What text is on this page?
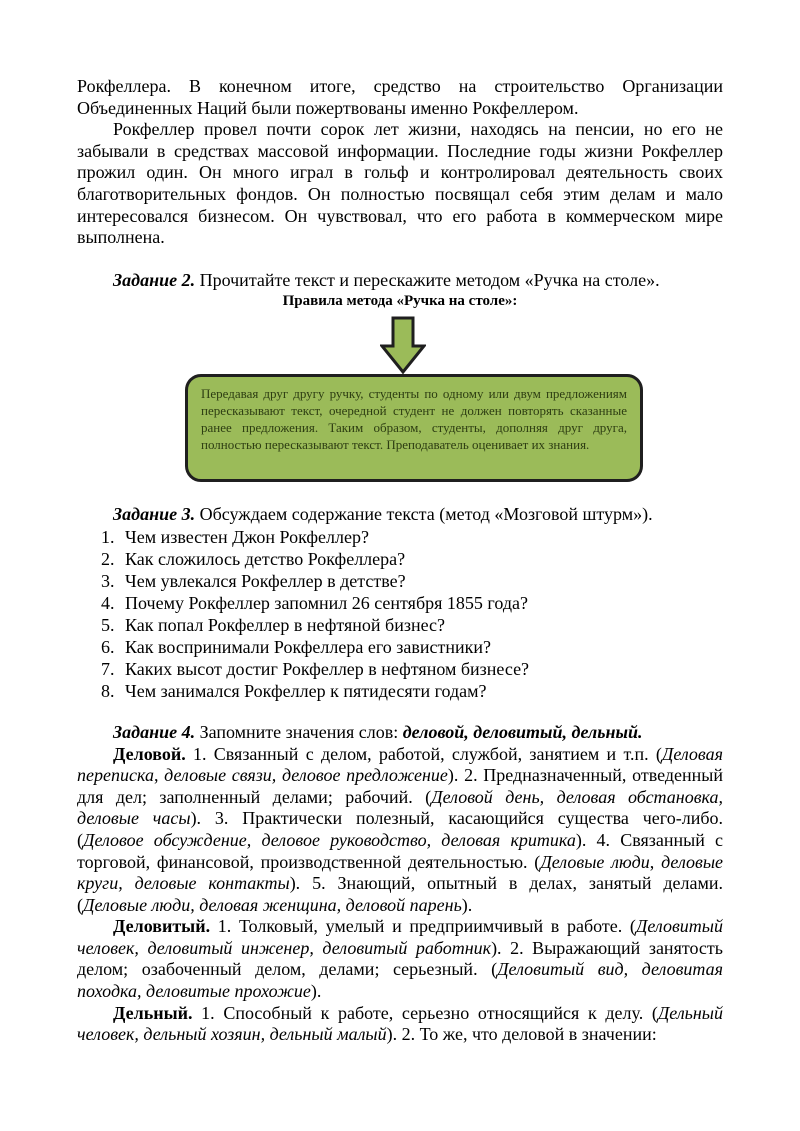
Рокфеллера. В конечном итоге, средство на строительство Организации Объединенных Наций были пожертвованы именно Рокфеллером.

Рокфеллер провел почти сорок лет жизни, находясь на пенсии, но его не забывали в средствах массовой информации. Последние годы жизни Рокфеллер прожил один. Он много играл в гольф и контролировал деятельность своих благотворительных фондов. Он полностью посвящал себя этим делам и мало интересовался бизнесом. Он чувствовал, что его работа в коммерческом мире выполнена.

Задание 2. Прочитайте текст и перескажите методом «Ручка на столе».

Правила метода «Ручка на столе»:

Передавая друг другу ручку, студенты по одному или двум предложениям пересказывают текст, очередной студент не должен повторять сказанные ранее предложения. Таким образом, студенты, дополняя друг друга, полностью пересказывают текст. Преподаватель оценивает их знания.

Задание 3. Обсуждаем содержание текста (метод «Мозговой штурм»).

1. Чем известен Джон Рокфеллер?
2. Как сложилось детство Рокфеллера?
3. Чем увлекался Рокфеллер в детстве?
4. Почему Рокфеллер запомнил 26 сентября 1855 года?
5. Как попал Рокфеллер в нефтяной бизнес?
6. Как воспринимали Рокфеллера его завистники?
7. Каких высот достиг Рокфеллер в нефтяном бизнесе?
8. Чем занимался Рокфеллер к пятидесяти годам?

Задание 4. Запомните значения слов: деловой, деловитый, дельный.

Деловой. 1. Связанный с делом, работой, службой, занятием и т.п. (Деловая переписка, деловые связи, деловое предложение). 2. Предназначенный, отведенный для дел; заполненный делами; рабочий. (Деловой день, деловая обстановка, деловые часы). 3. Практически полезный, касающийся существа чего-либо. (Деловое обсуждение, деловое руководство, деловая критика). 4. Связанный с торговой, финансовой, производственной деятельностью. (Деловые люди, деловые круги, деловые контакты). 5. Знающий, опытный в делах, занятый делами. (Деловые люди, деловая женщина, деловой парень).

Деловитый. 1. Толковый, умелый и предприимчивый в работе. (Деловитый человек, деловитый инженер, деловитый работник). 2. Выражающий занятость делом; озабоченный делом, делами; серьезный. (Деловитый вид, деловитая походка, деловитые прохожие).

Дельный. 1. Способный к работе, серьезно относящийся к делу. (Дельный человек, дельный хозяин, дельный малый). 2. То же, что деловой в значении:
